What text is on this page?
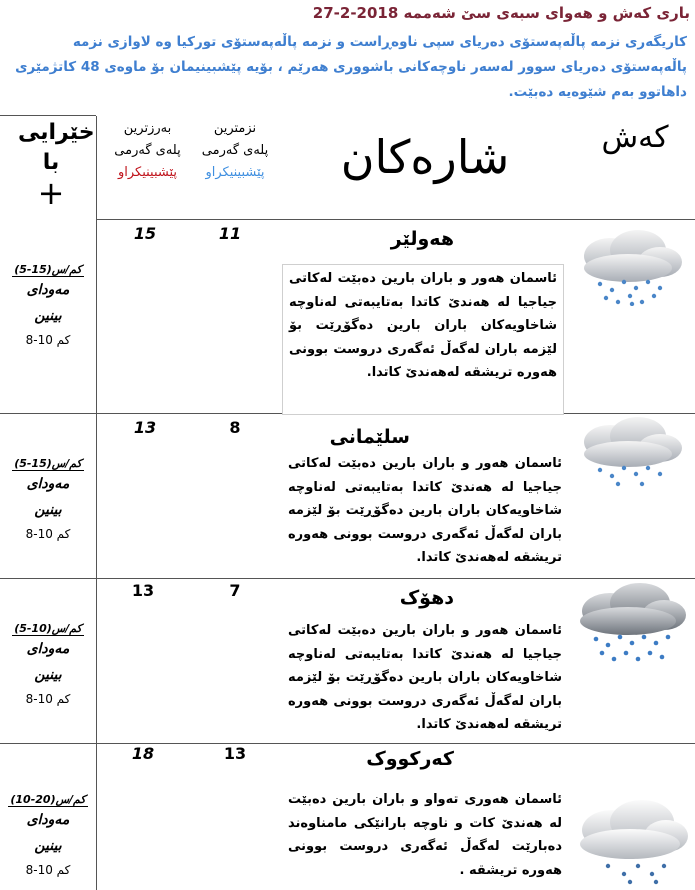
باری کەش و هەوای سبەی سێ شەممە 2018-2-27
کاریگەری نزمە پاڵەپەستۆی دەریای سپی ناوەڕاست و نزمە پاڵەپەستۆی تورکیا وە لاوازی نزمە پاڵەپەستۆی دەریای سوور لەسەر ناوچەکانی باشووری هەرێم ، بۆیە پێشبینیمان بۆ ماوەی 48 کاتژمێری داهاتوو بەم شێوەیە دەبێت.
کەش
شارەکان
نزمترین
پلەی گەرمی
پێشبینیکراو
بەرزترین
پلەی گەرمی
پێشبینیکراو
خێرایی
با
+
هەولێر
11
15
ئاسمان هەور و باران بارین دەبێت لەکاتی جیاجیا لە هەندێ کاتدا بەتایبەتی لەناوچە شاخاویەکان باران بارین دەگۆڕێت بۆ لێزمە باران لەگەڵ ئەگەری دروست بوونی هەورە تریشقە لەهەندێ کاتدا.
(5-15)کم/س
مەودای
بینین
8-10 کم
سلێمانی
8
13
ئاسمان هەور و باران بارین دەبێت لەکاتی جیاجیا لە هەندێ کاتدا بەتایبەتی لەناوچە شاخاویەکان باران بارین دەگۆڕێت بۆ لێزمە باران لەگەڵ ئەگەری دروست بوونی هەورە تریشقە لەهەندێ کاتدا.
(5-15)کم/س
مەودای
بینین
8-10 کم
دهۆک
7
13
ئاسمان هەور و باران بارین دەبێت لەکاتی جیاجیا لە هەندێ کاتدا بەتایبەتی لەناوچە شاخاویەکان باران بارین دەگۆڕێت بۆ لێزمە باران لەگەڵ ئەگەری دروست بوونی هەورە تریشقە لەهەندێ کاتدا.
(5-10)کم/س
مەودای
بینین
8-10 کم
کەرکووک
13
18
ئاسمان هەوری تەواو و باران بارین دەبێت لە هەندێ کات و ناوچە بارانێکی مامناوەند دەبارێت لەگەڵ ئەگەری دروست بوونی هەورە تریشقە .
(10-20)کم/س
مەودای
بینین
8-10 کم
